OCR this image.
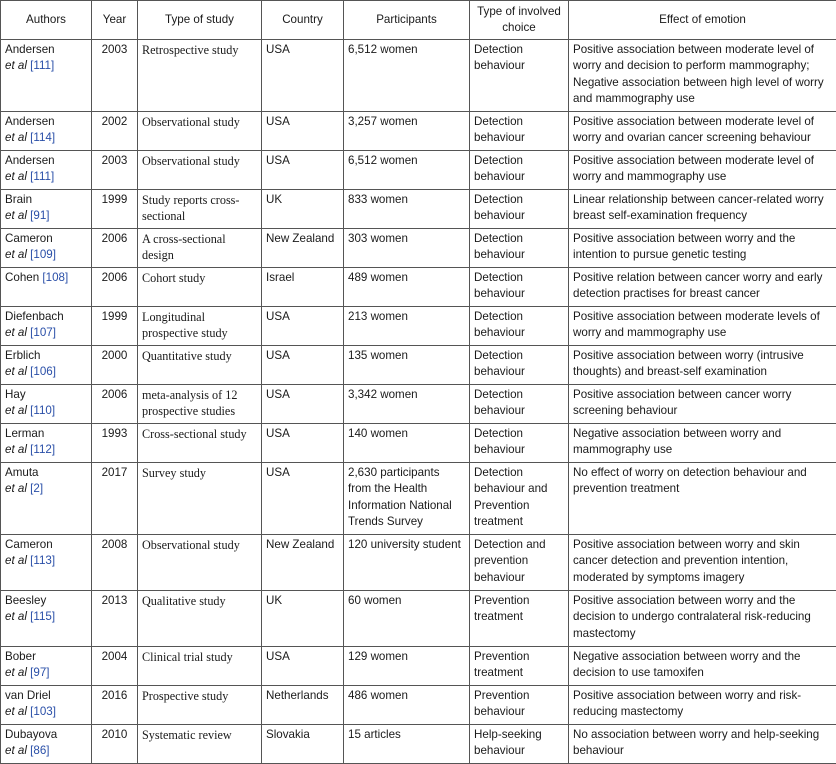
Authors	Year	Type of study	Country	Participants	Type of involved choice	Effect of emotion
Andersen
et al [111]	2003	Retrospective study	USA	6,512 women	Detection behaviour	Positive association between moderate level of worry and decision to perform mammography; Negative association between high level of worry and mammography use
Andersen
et al [114]	2002	Observational study	USA	3,257 women	Detection behaviour	Positive association between moderate level of worry and ovarian cancer screening behaviour
Andersen
et al [111]	2003	Observational study	USA	6,512 women	Detection behaviour	Positive association between moderate level of worry and mammography use
Brain
et al [91]	1999	Study reports cross-sectional	UK	833 women	Detection behaviour	Linear relationship between cancer-related worry breast self-examination frequency
Cameron
et al [109]	2006	A cross-sectional design	New Zealand	303 women	Detection behaviour	Positive association between worry and the intention to pursue genetic testing
Cohen [108]	2006	Cohort study	Israel	489 women	Detection behaviour	Positive relation between cancer worry and early detection practises for breast cancer
Diefenbach
et al [107]	1999	Longitudinal prospective study	USA	213 women	Detection behaviour	Positive association between moderate levels of worry and mammography use
Erblich
et al [106]	2000	Quantitative study	USA	135 women	Detection behaviour	Positive association between worry (intrusive thoughts) and breast-self examination
Hay
et al [110]	2006	meta-analysis of 12 prospective studies	USA	3,342 women	Detection behaviour	Positive association between cancer worry screening behaviour
Lerman
et al [112]	1993	Cross-sectional study	USA	140 women	Detection behaviour	Negative association between worry and mammography use
Amuta
et al [2]	2017	Survey study	USA	2,630 participants from the Health Information National Trends Survey	Detection behaviour and Prevention treatment	No effect of worry on detection behaviour and prevention treatment
Cameron
et al [113]	2008	Observational study	New Zealand	120 university student	Detection and prevention behaviour	Positive association between worry and skin cancer detection and prevention intention, moderated by symptoms imagery
Beesley
et al [115]	2013	Qualitative study	UK	60 women	Prevention treatment	Positive association between worry and the decision to undergo contralateral risk-reducing mastectomy
Bober
et al [97]	2004	Clinical trial study	USA	129 women	Prevention treatment	Negative association between worry and the decision to use tamoxifen
van Driel
et al [103]	2016	Prospective study	Netherlands	486 women	Prevention behaviour	Positive association between worry and risk-reducing mastectomy
Dubayova
et al [86]	2010	Systematic review	Slovakia	15 articles	Help-seeking behaviour	No association between worry and help-seeking behaviour
